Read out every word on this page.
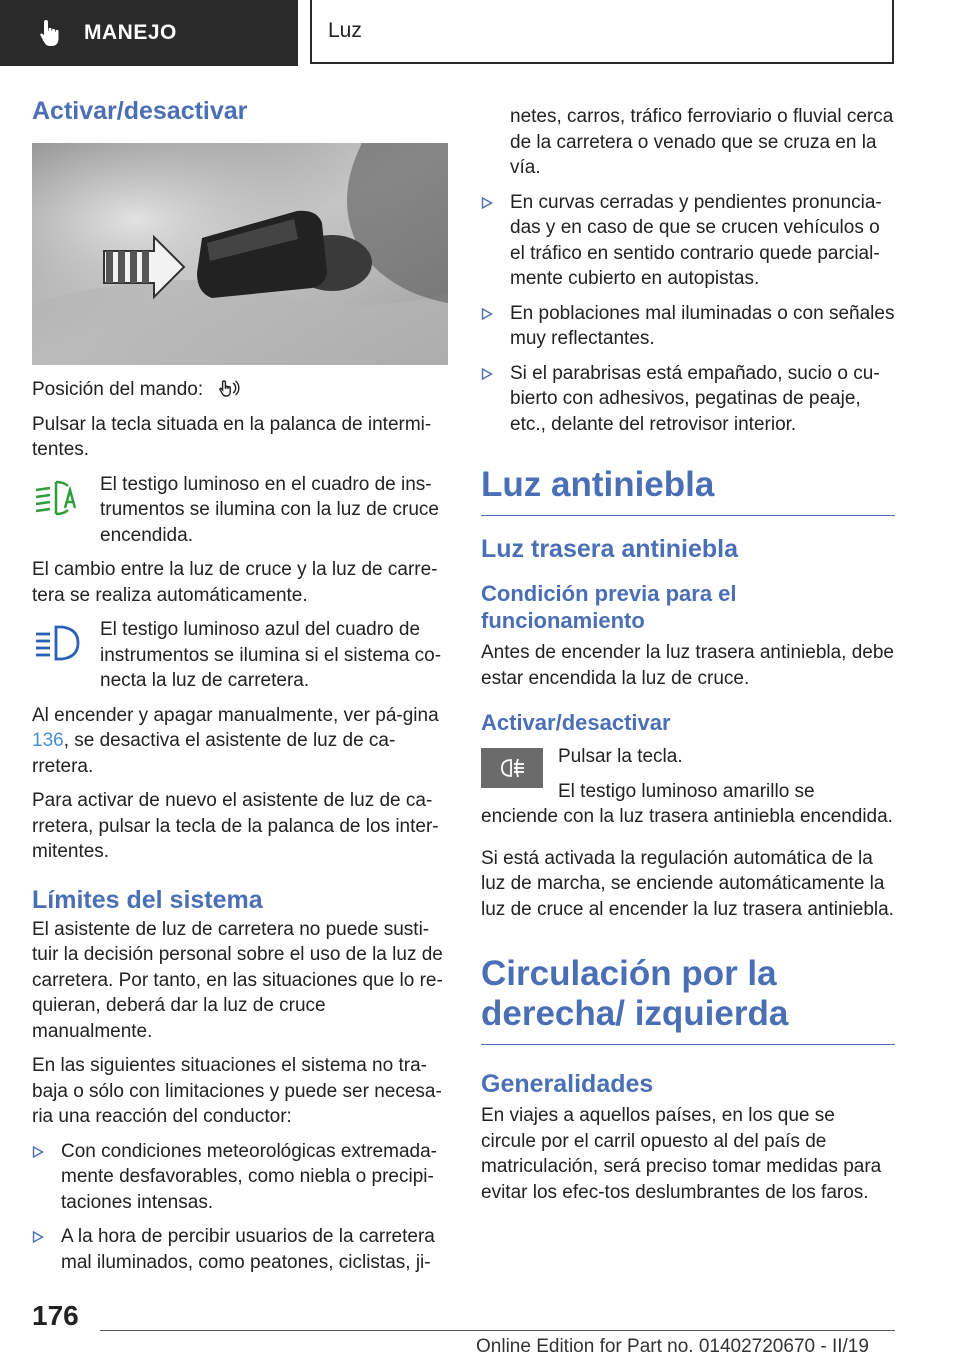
MANEJO	Luz
Activar/desactivar

Posición del mando:

Pulsar la tecla situada en la palanca de intermi-tentes.

El testigo luminoso en el cuadro de ins-trumentos se ilumina con la luz de cruce encendida.

El cambio entre la luz de cruce y la luz de carre-tera se realiza automáticamente.

El testigo luminoso azul del cuadro de instrumentos se ilumina si el sistema co-necta la luz de carretera.

Al encender y apagar manualmente, ver pá-gina 136, se desactiva el asistente de luz de ca-rretera.

Para activar de nuevo el asistente de luz de ca-rretera, pulsar la tecla de la palanca de los inter-mitentes.

Límites del sistema

El asistente de luz de carretera no puede susti-tuir la decisión personal sobre el uso de la luz de carretera. Por tanto, en las situaciones que lo re-quieran, deberá dar la luz de cruce manualmente.

En las siguientes situaciones el sistema no tra-baja o sólo con limitaciones y puede ser necesa-ria una reacción del conductor:

Con condiciones meteorológicas extremada-mente desfavorables, como niebla o precipi-taciones intensas.
A la hora de percibir usuarios de la carretera mal iluminados, como peatones, ciclistas, ji-

netes, carros, tráfico ferroviario o fluvial cerca de la carretera o venado que se cruza en la vía.

En curvas cerradas y pendientes pronuncia-das y en caso de que se crucen vehículos o el tráfico en sentido contrario quede parcial-mente cubierto en autopistas.
En poblaciones mal iluminadas o con señales muy reflectantes.
Si el parabrisas está empañado, sucio o cu-bierto con adhesivos, pegatinas de peaje, etc., delante del retrovisor interior.
Luz antiniebla
Luz trasera antiniebla
Condición previa para el funcionamiento

Antes de encender la luz trasera antiniebla, debe estar encendida la luz de cruce.

Activar/desactivar

Pulsar la tecla.

El testigo luminoso amarillo se enciende con la luz trasera antiniebla encendida.

Si está activada la regulación automática de la luz de marcha, se enciende automáticamente la luz de cruce al encender la luz trasera antiniebla.

Circulación por la derecha/ izquierda
Generalidades

En viajes a aquellos países, en los que se circule por el carril opuesto al del país de matriculación, será preciso tomar medidas para evitar los efec-tos deslumbrantes de los faros.

176
Online Edition for Part no. 01402720670 - II/19
